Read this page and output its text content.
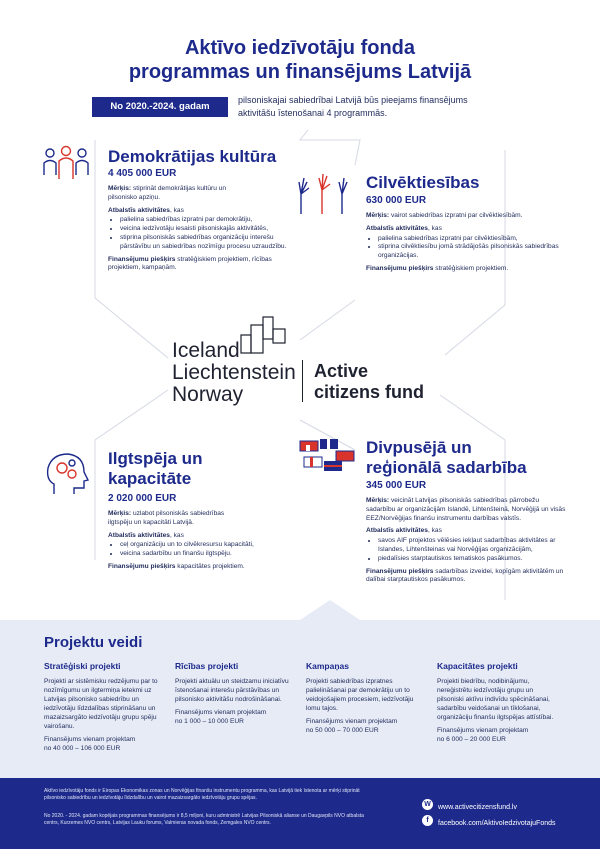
Aktīvo iedzīvotāju fonda
programmas un finansējums Latvijā
No 2020.-2024. gadam
pilsoniskajai sabiedrībai Latvijā būs pieejams finansējums aktivitāšu īstenošanai 4 programmās.
Demokrātijas kultūra
4 405 000 EUR
Mērķis: stiprināt demokrātijas kultūru un pilsonisko apziņu.
Atbalstīs aktivitātes, kas
• palielina sabiedrības izpratni par demokrātiju,
• veicina iedzīvotāju iesaisti pilsoniskajās aktivitātēs,
• stiprina pilsoniskās sabiedrības organizāciju interešu pārstāvību un sabiedrības nozīmīgu procesu uzraudzību.
Finansējumu piešķirs stratēģiskiem projektiem, rīcības projektiem, kampaņām.
Cilvēktiesības
630 000 EUR
Mērķis: vairot sabiedrības izpratni par cilvēktiesībām.
Atbalstīs aktivitātes, kas
• palielina sabiedrības izpratni par cilvēktiesībām,
• stiprina cilvēktiesību jomā strādājošās pilsoniskās sabiedrības organizācijas.
Finansējumu piešķirs stratēģiskiem projektiem.
Iceland
Liechtenstein
Norway
Active
citizens fund
Ilgtspēja un
kapacitāte
2 020 000 EUR
Mērķis: uzlabot pilsoniskās sabiedrības ilgtspēju un kapacitāti Latvijā.
Atbalstīs aktivitātes, kas
• ceļ organizāciju un to cilvēkresursu kapacitāti,
• veicina sadarbību un finanšu ilgtspēju.
Finansējumu piešķirs kapacitātes projektiem.
Divpusējā un
reģionālā sadarbība
345 000 EUR
Mērķis: veicināt Latvijas pilsoniskās sabiedrības pārrobežu sadarbību ar organizācijām Islandē, Lihtenšteinā, Norvēģijā un visās EEZ/Norvēģijas finanšu instrumentu darbības valstīs.
Atbalstīs aktivitātes, kas
• savos AIF projektos vēlēsies iekļaut sadarbības aktivitātes ar Islandes, Lihtenšteinas vai Norvēģijas organizācijām,
• piedalīsies starptautiskos tematiskos pasākumos.
Finansējumu piešķirs sadarbības izveidei, kopīgām aktivitātēm un dalībai starptautiskos pasākumos.
Projektu veidi
Stratēģiski projekti
Projekti ar sistēmisku redzējumu par to nozīmīgumu un ilgtermiņa ietekmi uz Latvijas pilsonisko sabiedrību un iedzīvotāju līdzdalības stiprināšanu un mazaizsargāto iedzīvotāju grupu spēju vairošanu.
Finansējums vienam projektam
no 40 000 – 106 000 EUR
Rīcības projekti
Projekti aktuālu un steidzamu iniciatīvu īstenošanai interešu pārstāvības un pilsonisko aktivitāšu nodrošināšanai.
Finansējums vienam projektam
no 1 000 – 10 000 EUR
Kampaņas
Projekti sabiedrības izpratnes palielināšanai par demokrātiju un to veidojošajiem procesiem, iedzīvotāju lomu tajos.
Finansējums vienam projektam
no 50 000 – 70 000 EUR
Kapacitātes projekti
Projekti biedrību, nodibinājumu, nereģistrētu iedzīvotāju grupu un pilsoniski aktīvu indivīdu spēcināšanai, sadarbību veidošanai un tīklošanai, organizāciju finanšu ilgtspējas attīstībai.
Finansējums vienam projektam
no 6 000 – 20 000 EUR
Aktīvo iedzīvotāju fonds ir Eiropas Ekonomikas zonas un Norvēģijas finanšu instrumentu programma, kas Latvijā tiek īstenota ar mērķi stiprināt pilsonisko sabiedrību un iedzīvotāju līdzdalību un vairot mazaizsargāto iedzīvotāju grupu spējas.
No 2020. - 2024. gadam kopējais programmas finansējums ir 8,5 miljoni, kuru administrē Latvijas Pilsoniskā alianse un Daugavpils NVO atbalsta centrs, Kurzemes NVO centrs, Latvijas Lauku forums, Valmieras novada fonds, Zemgales NVO centrs.
W www.activecitizensfund.lv
f facebook.com/AktivoIedzivotajuFonds
